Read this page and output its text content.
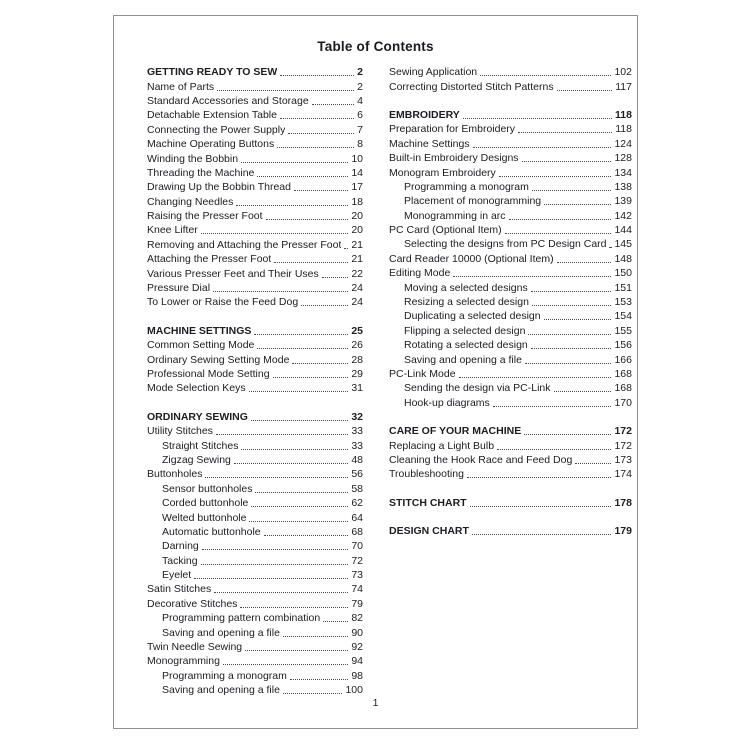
Table of Contents
GETTING READY TO SEW	2
Name of Parts	2
Standard Accessories and Storage	4
Detachable Extension Table	6
Connecting the Power Supply	7
Machine Operating Buttons	8
Winding the Bobbin	10
Threading the Machine	14
Drawing Up the Bobbin Thread	17
Changing Needles	18
Raising the Presser Foot	20
Knee Lifter	20
Removing and Attaching the Presser Foot 21
Attaching the Presser Foot	21
Various Presser Feet and Their Uses	22
Pressure Dial	24
To Lower or Raise the Feed Dog	24
MACHINE SETTINGS	25
Common Setting Mode	26
Ordinary Sewing Setting Mode	28
Professional Mode Setting	29
Mode Selection Keys	31
ORDINARY SEWING	32
Utility Stitches	33
Straight Stitches	33
Zigzag Sewing	48
Buttonholes	56
Sensor buttonholes	58
Corded buttonhole	62
Welted buttonhole	64
Automatic buttonhole	68
Darning	70
Tacking	72
Eyelet	73
Satin Stitches	74
Decorative Stitches	79
Programming pattern combination	82
Saving and opening a file	90
Twin Needle Sewing	92
Monogramming	94
Programming a monogram	98
Saving and opening a file	100
Sewing Application	102
Correcting Distorted Stitch Patterns	117
EMBROIDERY	118
Preparation for Embroidery	118
Machine Settings	124
Built-in Embroidery Designs	128
Monogram Embroidery	134
Programming a monogram	138
Placement of monogramming	139
Monogramming in arc	142
PC Card (Optional Item)	144
Selecting the designs from PC Design Card 145
Card Reader 10000 (Optional Item)	148
Editing Mode	150
Moving a selected designs	151
Resizing a selected design	153
Duplicating a selected design	154
Flipping a selected design	155
Rotating a selected design	156
Saving and opening a file	166
PC-Link Mode	168
Sending the design via PC-Link	168
Hook-up diagrams	170
CARE OF YOUR MACHINE	172
Replacing a Light Bulb	172
Cleaning the Hook Race and Feed Dog	173
Troubleshooting	174
STITCH CHART	178
DESIGN CHART	179
1
